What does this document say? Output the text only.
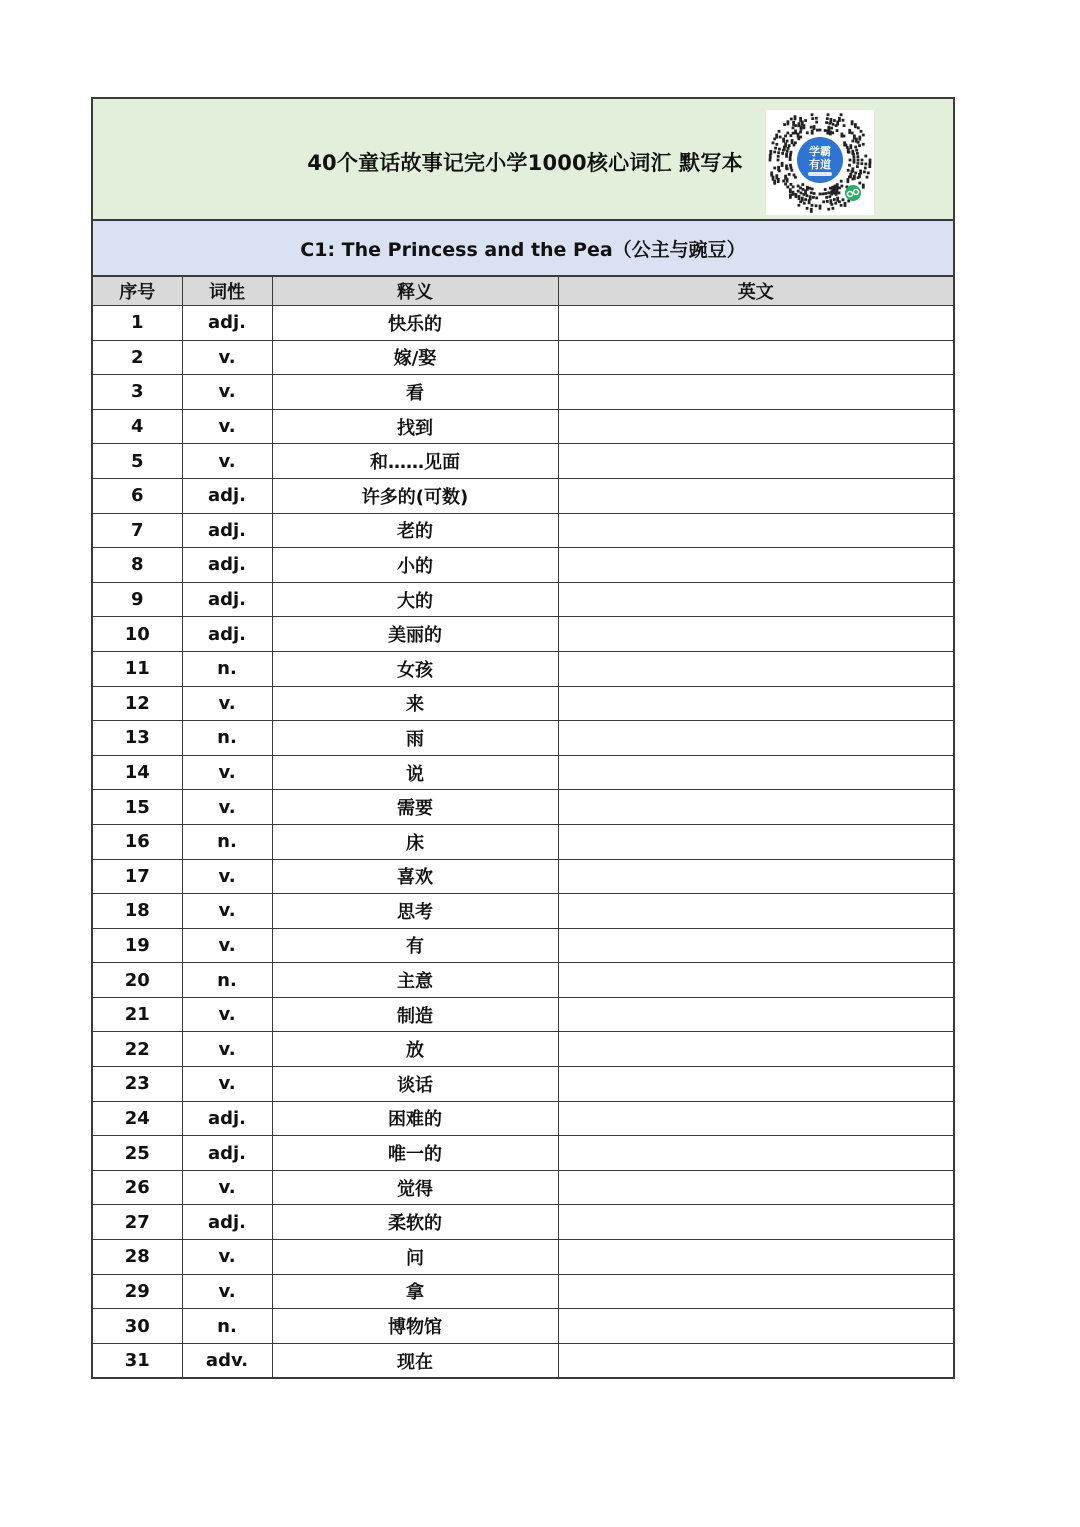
40个童话故事记完小学1000核心词汇 默写本	学霸
有道
C1: The Princess and the Pea（公主与豌豆）
序号	词性	释义	英文
1	adj.	快乐的	
2	v.	嫁/娶	
3	v.	看	
4	v.	找到	
5	v.	和……见面	
6	adj.	许多的(可数)	
7	adj.	老的	
8	adj.	小的	
9	adj.	大的	
10	adj.	美丽的	
11	n.	女孩	
12	v.	来	
13	n.	雨	
14	v.	说	
15	v.	需要	
16	n.	床	
17	v.	喜欢	
18	v.	思考	
19	v.	有	
20	n.	主意	
21	v.	制造	
22	v.	放	
23	v.	谈话	
24	adj.	困难的	
25	adj.	唯一的	
26	v.	觉得	
27	adj.	柔软的	
28	v.	问	
29	v.	拿	
30	n.	博物馆	
31	adv.	现在	
